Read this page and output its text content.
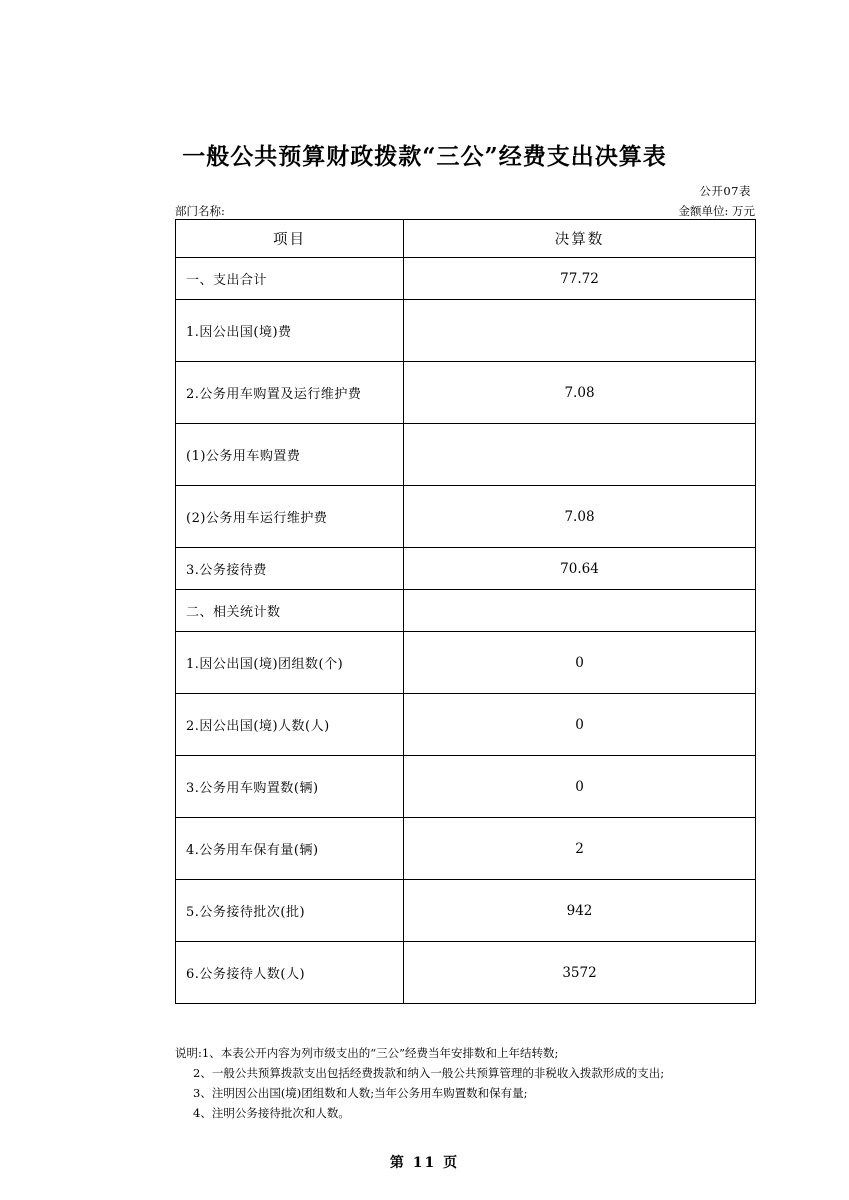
一般公共预算财政拨款“三公”经费支出决算表
公开07表
部门名称:	金额单位: 万元
项目	决算数
一、支出合计	77.72
1.因公出国(境)费	
2.公务用车购置及运行维护费	7.08
(1)公务用车购置费	
(2)公务用车运行维护费	7.08
3.公务接待费	70.64
二、相关统计数	
1.因公出国(境)团组数(个)	0
2.因公出国(境)人数(人)	0
3.公务用车购置数(辆)	0
4.公务用车保有量(辆)	2
5.公务接待批次(批)	942
6.公务接待人数(人)	3572
说明:1、本表公开内容为列市级支出的“三公”经费当年安排数和上年结转数;
2、一般公共预算拨款支出包括经费拨款和纳入一般公共预算管理的非税收入拨款形成的支出;
3、注明因公出国(境)团组数和人数;当年公务用车购置数和保有量;
4、注明公务接待批次和人数。
第 11 页
